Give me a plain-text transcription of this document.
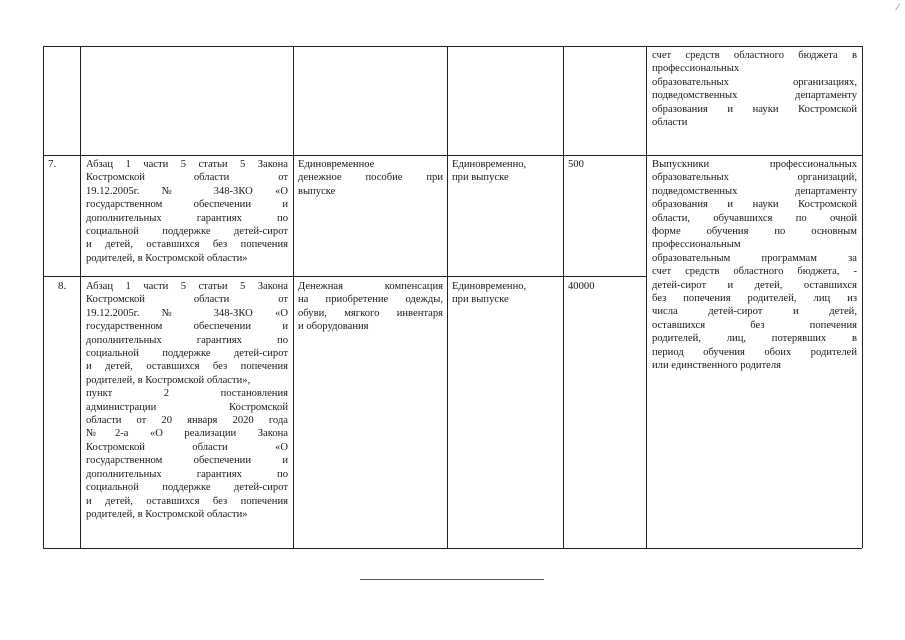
⁄
счет средств областного бюджета в
профессиональных
образовательных организациях,
подведомственных департаменту
образования и науки Костромской
области
7.	Абзац 1 части 5 статьи 5 Закона
Костромской области от
19.12.2005г. № 348-ЗКО «О
государственном обеспечении и
дополнительных гарантиях по
социальной поддержке детей-сирот
и детей, оставшихся без попечения
родителей, в Костромской области»
Единовременное
денежное пособие при
выпуске
Единовременно,
при выпуске
500
8. Абзац 1 части 5 статьи 5 Закона
Костромской области от
19.12.2005г. № 348-ЗКО «О
государственном обеспечении и
дополнительных гарантиях по
социальной поддержке детей-сирот
и детей, оставшихся без попечения
родителей, в Костромской области»,
пункт 2 постановления
администрации Костромской
области от 20 января 2020 года
№2-а «О реализации Закона
Костромской области «О
государственном обеспечении и
дополнительных гарантиях по
социальной поддержке детей-сирот
и детей, оставшихся без попечения
родителей, в Костромской области»
Денежная компенсация
на приобретение одежды,
обуви, мягкого инвентаря
и оборудования
Единовременно,
при выпуске
40000
Выпускники профессиональных
образовательных организаций,
подведомственных департаменту
образования и науки Костромской
области, обучавшихся по очной
форме обучения по основным
профессиональным
образовательным программам за
счет средств областного бюджета, -
детей-сирот и детей, оставшихся
без попечения родителей, лиц из
числа детей-сирот и детей,
оставшихся без попечения
родителей, лиц, потерявших в
период обучения обоих родителей
или единственного родителя
